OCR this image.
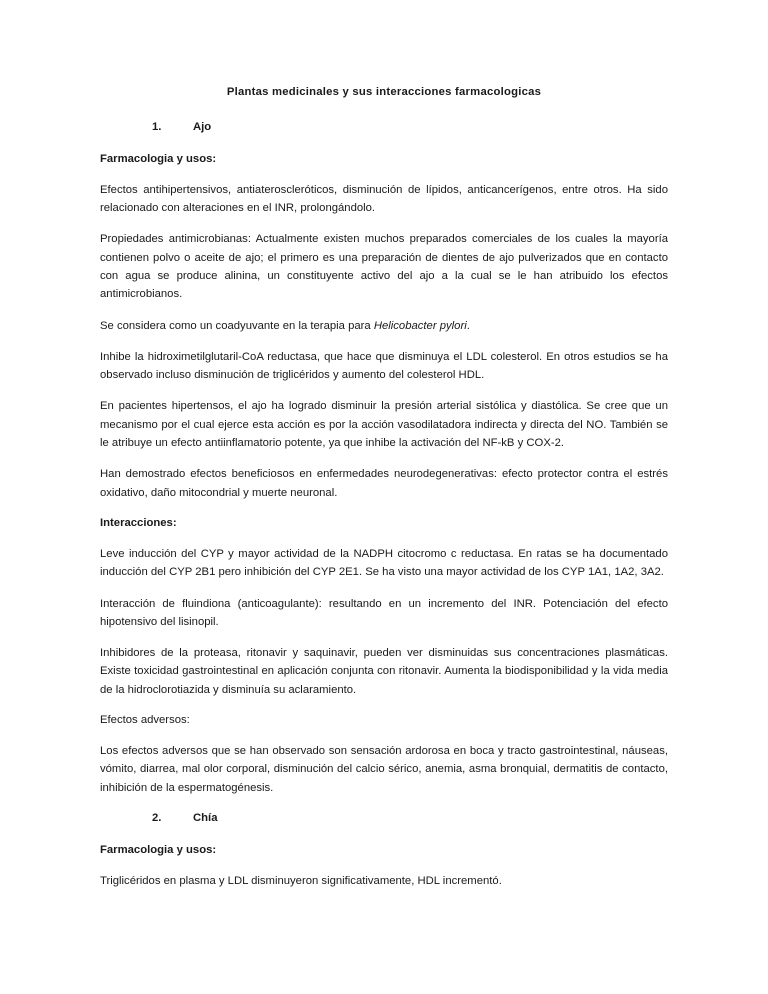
Plantas medicinales y sus interacciones farmacologicas
1.	Ajo
Farmacologia y usos:

Efectos antihipertensivos, antiateroscleróticos, disminución de lípidos, anticancerígenos, entre otros. Ha sido relacionado con alteraciones en el INR, prolongándolo.

Propiedades antimicrobianas: Actualmente existen muchos preparados comerciales de los cuales la mayoría contienen polvo o aceite de ajo; el primero es una preparación de dientes de ajo pulverizados que en contacto con agua se produce alinina, un constituyente activo del ajo a la cual se le han atribuido los efectos antimicrobianos.

Se considera como un coadyuvante en la terapia para Helicobacter pylori.

Inhibe la hidroximetilglutaril-CoA reductasa, que hace que disminuya el LDL colesterol. En otros estudios se ha observado incluso disminución de triglicéridos y aumento del colesterol HDL.

En pacientes hipertensos, el ajo ha logrado disminuir la presión arterial sistólica y diastólica. Se cree que un mecanismo por el cual ejerce esta acción es por la acción vasodilatadora indirecta y directa del NO. También se le atribuye un efecto antiinflamatorio potente, ya que inhibe la activación del NF-kB y COX-2.

Han demostrado efectos beneficiosos en enfermedades neurodegenerativas: efecto protector contra el estrés oxidativo, daño mitocondrial y muerte neuronal.

Interacciones:

Leve inducción del CYP y mayor actividad de la NADPH citocromo c reductasa. En ratas se ha documentado inducción del CYP 2B1 pero inhibición del CYP 2E1. Se ha visto una mayor actividad de los CYP 1A1, 1A2, 3A2.

Interacción de fluindiona (anticoagulante): resultando en un incremento del INR. Potenciación del efecto hipotensivo del lisinopil.

Inhibidores de la proteasa, ritonavir y saquinavir, pueden ver disminuidas sus concentraciones plasmáticas. Existe toxicidad gastrointestinal en aplicación conjunta con ritonavir. Aumenta la biodisponibilidad y la vida media de la hidroclorotiazida y disminuía su aclaramiento.

Efectos adversos:

Los efectos adversos que se han observado son sensación ardorosa en boca y tracto gastrointestinal, náuseas, vómito, diarrea, mal olor corporal, disminución del calcio sérico, anemia, asma bronquial, dermatitis de contacto, inhibición de la espermatogénesis.

2.	Chía
Farmacologia y usos:

Triglicéridos en plasma y LDL disminuyeron significativamente, HDL incrementó.
